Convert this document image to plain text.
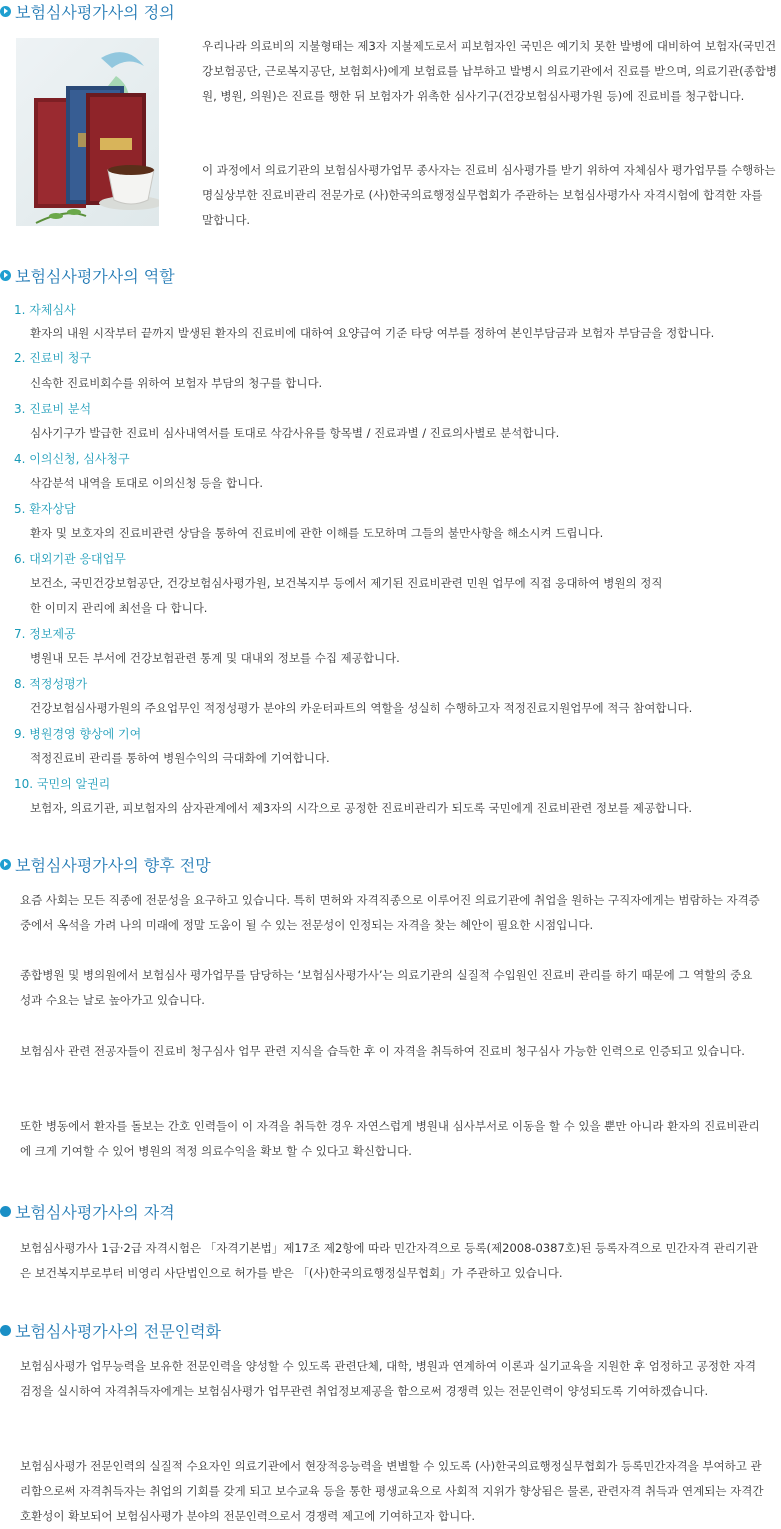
보험심사평가사의 정의

우리나라 의료비의 지불형태는 제3자 지불제도로서 피보험자인 국민은 예기치 못한 발병에 대비하여 보험자(국민건강보험공단, 근로복지공단, 보험회사)에게 보험료를 납부하고 발병시 의료기관에서 진료를 받으며, 의료기관(종합병원, 병원, 의원)은 진료를 행한 뒤 보험자가 위촉한 심사기구(건강보험심사평가원 등)에 진료비를 청구합니다.

이 과정에서 의료기관의 보험심사평가업무 종사자는 진료비 심사평가를 받기 위하여 자체심사 평가업무를 수행하는 명실상부한 진료비관리 전문가로 (사)한국의료행정실무협회가 주관하는 보험심사평가사 자격시험에 합격한 자를 말합니다.

보험심사평가사의 역할
1. 자체심사
환자의 내원 시작부터 끝까지 발생된 환자의 진료비에 대하여 요양급여 기준 타당 여부를 정하여 본인부담금과 보험자 부담금을 정합니다.
2. 진료비 청구
신속한 진료비회수를 위하여 보험자 부담의 청구를 합니다.
3. 진료비 분석
심사기구가 발급한 진료비 심사내역서를 토대로 삭감사유를 항목별 / 진료과별 / 진료의사별로 분석합니다.
4. 이의신청, 심사청구
삭감분석 내역을 토대로 이의신청 등을 합니다.
5. 환자상담
환자 및 보호자의 진료비관련 상담을 통하여 진료비에 관한 이해를 도모하며 그들의 불만사항을 해소시켜 드립니다.
6. 대외기관 응대업무
보건소, 국민건강보험공단, 건강보험심사평가원, 보건복지부 등에서 제기된 진료비관련 민원 업무에 직접 응대하여 병원의 정직한 이미지 관리에 최선을 다 합니다.
7. 정보제공
병원내 모든 부서에 건강보험관련 통계 및 대내외 정보를 수집 제공합니다.
8. 적정성평가
건강보험심사평가원의 주요업무인 적정성평가 분야의 카운터파트의 역할을 성실히 수행하고자 적정진료지원업무에 적극 참여합니다.
9. 병원경영 향상에 기여
적정진료비 관리를 통하여 병원수익의 극대화에 기여합니다.
10. 국민의 알권리
보험자, 의료기관, 피보험자의 삼자관계에서 제3자의 시각으로 공정한 진료비관리가 되도록 국민에게 진료비관련 정보를 제공합니다.
보험심사평가사의 향후 전망

요즘 사회는 모든 직종에 전문성을 요구하고 있습니다. 특히 면허와 자격직종으로 이루어진 의료기관에 취업을 원하는 구직자에게는 범람하는 자격증 중에서 옥석을 가려 나의 미래에 정말 도움이 될 수 있는 전문성이 인정되는 자격을 찾는 혜안이 필요한 시점입니다.

종합병원 및 병의원에서 보험심사 평가업무를 담당하는 ‘보험심사평가사’는 의료기관의 실질적 수입원인 진료비 관리를 하기 때문에 그 역할의 중요성과 수요는 날로 높아가고 있습니다.

보험심사 관련 전공자들이 진료비 청구심사 업무 관련 지식을 습득한 후 이 자격을 취득하여 진료비 청구심사 가능한 인력으로 인증되고 있습니다.

또한 병동에서 환자를 돌보는 간호 인력들이 이 자격을 취득한 경우 자연스럽게 병원내 심사부서로 이동을 할 수 있을 뿐만 아니라 환자의 진료비관리에 크게 기여할 수 있어 병원의 적정 의료수익을 확보 할 수 있다고 확신합니다.

보험심사평가사의 자격

보험심사평가사 1급·2급 자격시험은 「자격기본법」제17조 제2항에 따라 민간자격으로 등록(제2008-0387호)된 등록자격으로 민간자격 관리기관은 보건복지부로부터 비영리 사단법인으로 허가를 받은 「(사)한국의료행정실무협회」가 주관하고 있습니다.

보험심사평가사의 전문인력화

보험심사평가 업무능력을 보유한 전문인력을 양성할 수 있도록 관련단체, 대학, 병원과 연계하여 이론과 실기교육을 지원한 후 엄정하고 공정한 자격검정을 실시하여 자격취득자에게는 보험심사평가 업무관련 취업정보제공을 함으로써 경쟁력 있는 전문인력이 양성되도록 기여하겠습니다.

보험심사평가 전문인력의 실질적 수요자인 의료기관에서 현장적응능력을 변별할 수 있도록 (사)한국의료행정실무협회가 등록민간자격을 부여하고 관리함으로써 자격취득자는 취업의 기회를 갖게 되고 보수교육 등을 통한 평생교육으로 사회적 지위가 향상됨은 물론, 관련자격 취득과 연계되는 자격간 호환성이 확보되어 보험심사평가 분야의 전문인력으로서 경쟁력 제고에 기여하고자 합니다.
